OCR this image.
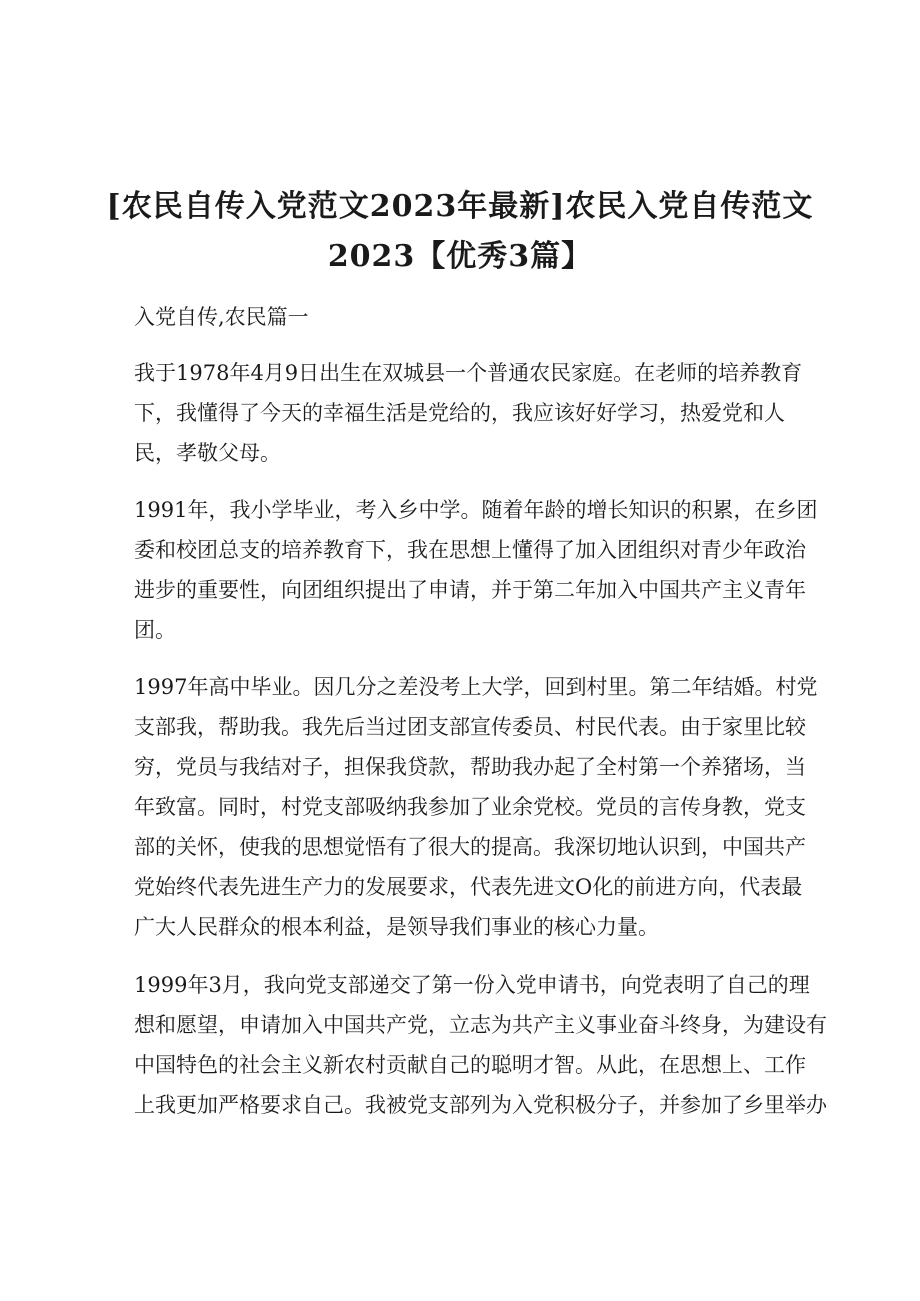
[农民自传入党范文2023年最新]农民入党自传范文
2023【优秀3篇】

入党自传,农民篇一

我于1978年4月9日出生在双城县一个普通农民家庭。在老师的培养教育
下，我懂得了今天的幸福生活是党给的，我应该好好学习，热爱党和人
民，孝敬父母。
1991年，我小学毕业，考入乡中学。随着年龄的增长知识的积累，在乡团
委和校团总支的培养教育下，我在思想上懂得了加入团组织对青少年政治
进步的重要性，向团组织提出了申请，并于第二年加入中国共产主义青年
团。
1997年高中毕业。因几分之差没考上大学，回到村里。第二年结婚。村党
支部我，帮助我。我先后当过团支部宣传委员、村民代表。由于家里比较
穷，党员与我结对子，担保我贷款，帮助我办起了全村第一个养猪场，当
年致富。同时，村党支部吸纳我参加了业余党校。党员的言传身教，党支
部的关怀，使我的思想觉悟有了很大的提高。我深切地认识到，中国共产
党始终代表先进生产力的发展要求，代表先进文O化的前进方向，代表最
广大人民群众的根本利益，是领导我们事业的核心力量。
1999年3月，我向党支部递交了第一份入党申请书，向党表明了自己的理
想和愿望，申请加入中国共产党，立志为共产主义事业奋斗终身，为建设有
中国特色的社会主义新农村贡献自己的聪明才智。从此，在思想上、工作
上我更加严格要求自己。我被党支部列为入党积极分子，并参加了乡里举办
